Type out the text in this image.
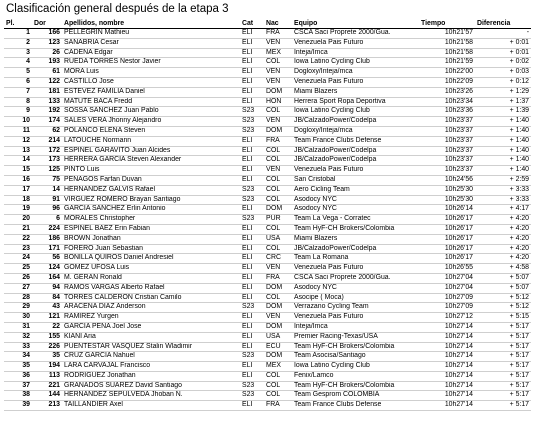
Clasificación general después de la etapa 3
Pl.	Dor	Apellidos, nombre	Cat	Nac	Equipo	Tiempo	Diferencia
1	166	PELLEGRIN Mathieu	ELI	FRA	CSCA Saci Proprete 2000/Gua.	10h21'57	-
2	123	SANABRIA Cesar	ELI	VEN	Venezuela Pais Futuro	10h21'58	+ 0:01
3	26	CADENA Edgar	ELI	MEX	Inteja/Imca	10h21'58	+ 0:01
4	193	RUEDA TORRES Nestor Javier	ELI	COL	Iowa Latino Cycling Club	10h21'59	+ 0:02
5	61	MORA Luis	ELI	VEN	Dogloxy/Inteja/mca	10h22'00	+ 0:03
6	122	CASTILLO Jose	ELI	VEN	Venezuela Pais Futuro	10h22'09	+ 0:12
7	181	ESTEVEZ FAMILIA Daniel	ELI	DOM	Miami Blazers	10h23'26	+ 1:29
8	133	MATUTE BACA Fredd	ELI	HON	Herrera Sport Ropa Deportiva	10h23'34	+ 1:37
9	192	SOSSA SANCHEZ Juan Pablo	S23	COL	Iowa Latino Cycling Club	10h23'36	+ 1:39
10	174	SALES VERA Jhonny Alejandro	S23	VEN	JB/CalzadoPower/Codelpa	10h23'37	+ 1:40
11	62	POLANCO ELENA Steven	S23	DOM	Dogloxy/Inteja/mca	10h23'37	+ 1:40
12	214	LATOUCHE Normann	ELI	FRA	Team France Clubs Defense	10h23'37	+ 1:40
13	172	ESPINEL GARAVITO Juan Alcides	ELI	COL	JB/CalzadoPower/Codelpa	10h23'37	+ 1:40
14	173	HERRERA GARCIA Steven Alexander	ELI	COL	JB/CalzadoPower/Codelpa	10h23'37	+ 1:40
15	125	PINTO Luis	ELI	VEN	Venezuela Pais Futuro	10h23'37	+ 1:40
16	75	PENAGOS Farfan Duvan	ELI	COL	San Cristobal	10h24'56	+ 2:59
17	14	HERNANDEZ GALVIS Rafael	S23	COL	Aero Cicling Team	10h25'30	+ 3:33
18	91	VIRGUEZ ROMERO Brayan Santiago	S23	COL	Asodocy NYC	10h25'30	+ 3:33
19	96	GARCIA SANCHEZ Erlin Antonio	ELI	DOM	Asodocy NYC	10h26'14	+ 4:17
20	6	MORALES Christopher	S23	PUR	Team La Vega - Corratec	10h26'17	+ 4:20
21	224	ESPINEL BAEZ Erin Fabian	ELI	COL	Team HyF-CH Brokers/Colombia	10h26'17	+ 4:20
22	186	BROWN Jonathan	ELI	USA	Miami Blazers	10h26'17	+ 4:20
23	171	FORERO Juan Sebastian	ELI	COL	JB/CalzadoPower/Codelpa	10h26'17	+ 4:20
24	56	BONILLA QUIROS Daniel Andresiel	ELI	CRC	Team La Romana	10h26'17	+ 4:20
25	124	GOMEZ UFOSA Luis	ELI	VEN	Venezuela Pais Futuro	10h26'55	+ 4:58
26	164	M. GERAN Ronald	ELI	FRA	CSCA Saci Proprete 2000/Gua.	10h27'04	+ 5:07
27	94	RAMOS VARGAS Alberto Rafael	ELI	DOM	Asodocy NYC	10h27'04	+ 5:07
28	84	TORRES CALDERON Cristian Camilo	ELI	COL	Asocipe ( Moca)	10h27'09	+ 5:12
29	43	ARACENA DIAZ Anderson	S23	DOM	Verrazano Cycling Team	10h27'09	+ 5:12
30	121	RAMIREZ Yurgen	ELI	VEN	Venezuela Pais Futuro	10h27'12	+ 5:15
31	22	GARCIA PEÑA Joel Jose	ELI	DOM	Inteja/Imca	10h27'14	+ 5:17
32	155	KIANI Aria	ELI	USA	Premier Racing-Texas/USA	10h27'14	+ 5:17
33	226	PUENTESTAR VASQUEZ Stalin Wladimir	ELI	ECU	Team HyF-CH Brokers/Colombia	10h27'14	+ 5:17
34	35	CRUZ GARCIA Nahuel	S23	DOM	Team Asocisa/Santiago	10h27'14	+ 5:17
35	194	LARA CARVAJAL Francisco	ELI	MEX	Iowa Latino Cycling Club	10h27'14	+ 5:17
36	113	RODRIGUEZ Jonathan	ELI	COL	Fenix/Lamco	10h27'14	+ 5:17
37	221	GRANADOS SUAREZ David Santiago	S23	COL	Team HyF-CH Brokers/Colombia	10h27'14	+ 5:17
38	144	HERNANDEZ SEPULVEDA Jhoban N.	S23	COL	Team Gesprom COLOMBIA	10h27'14	+ 5:17
39	213	TAILLANDIER Axel	ELI	FRA	Team France Clubs Defense	10h27'14	+ 5:17
